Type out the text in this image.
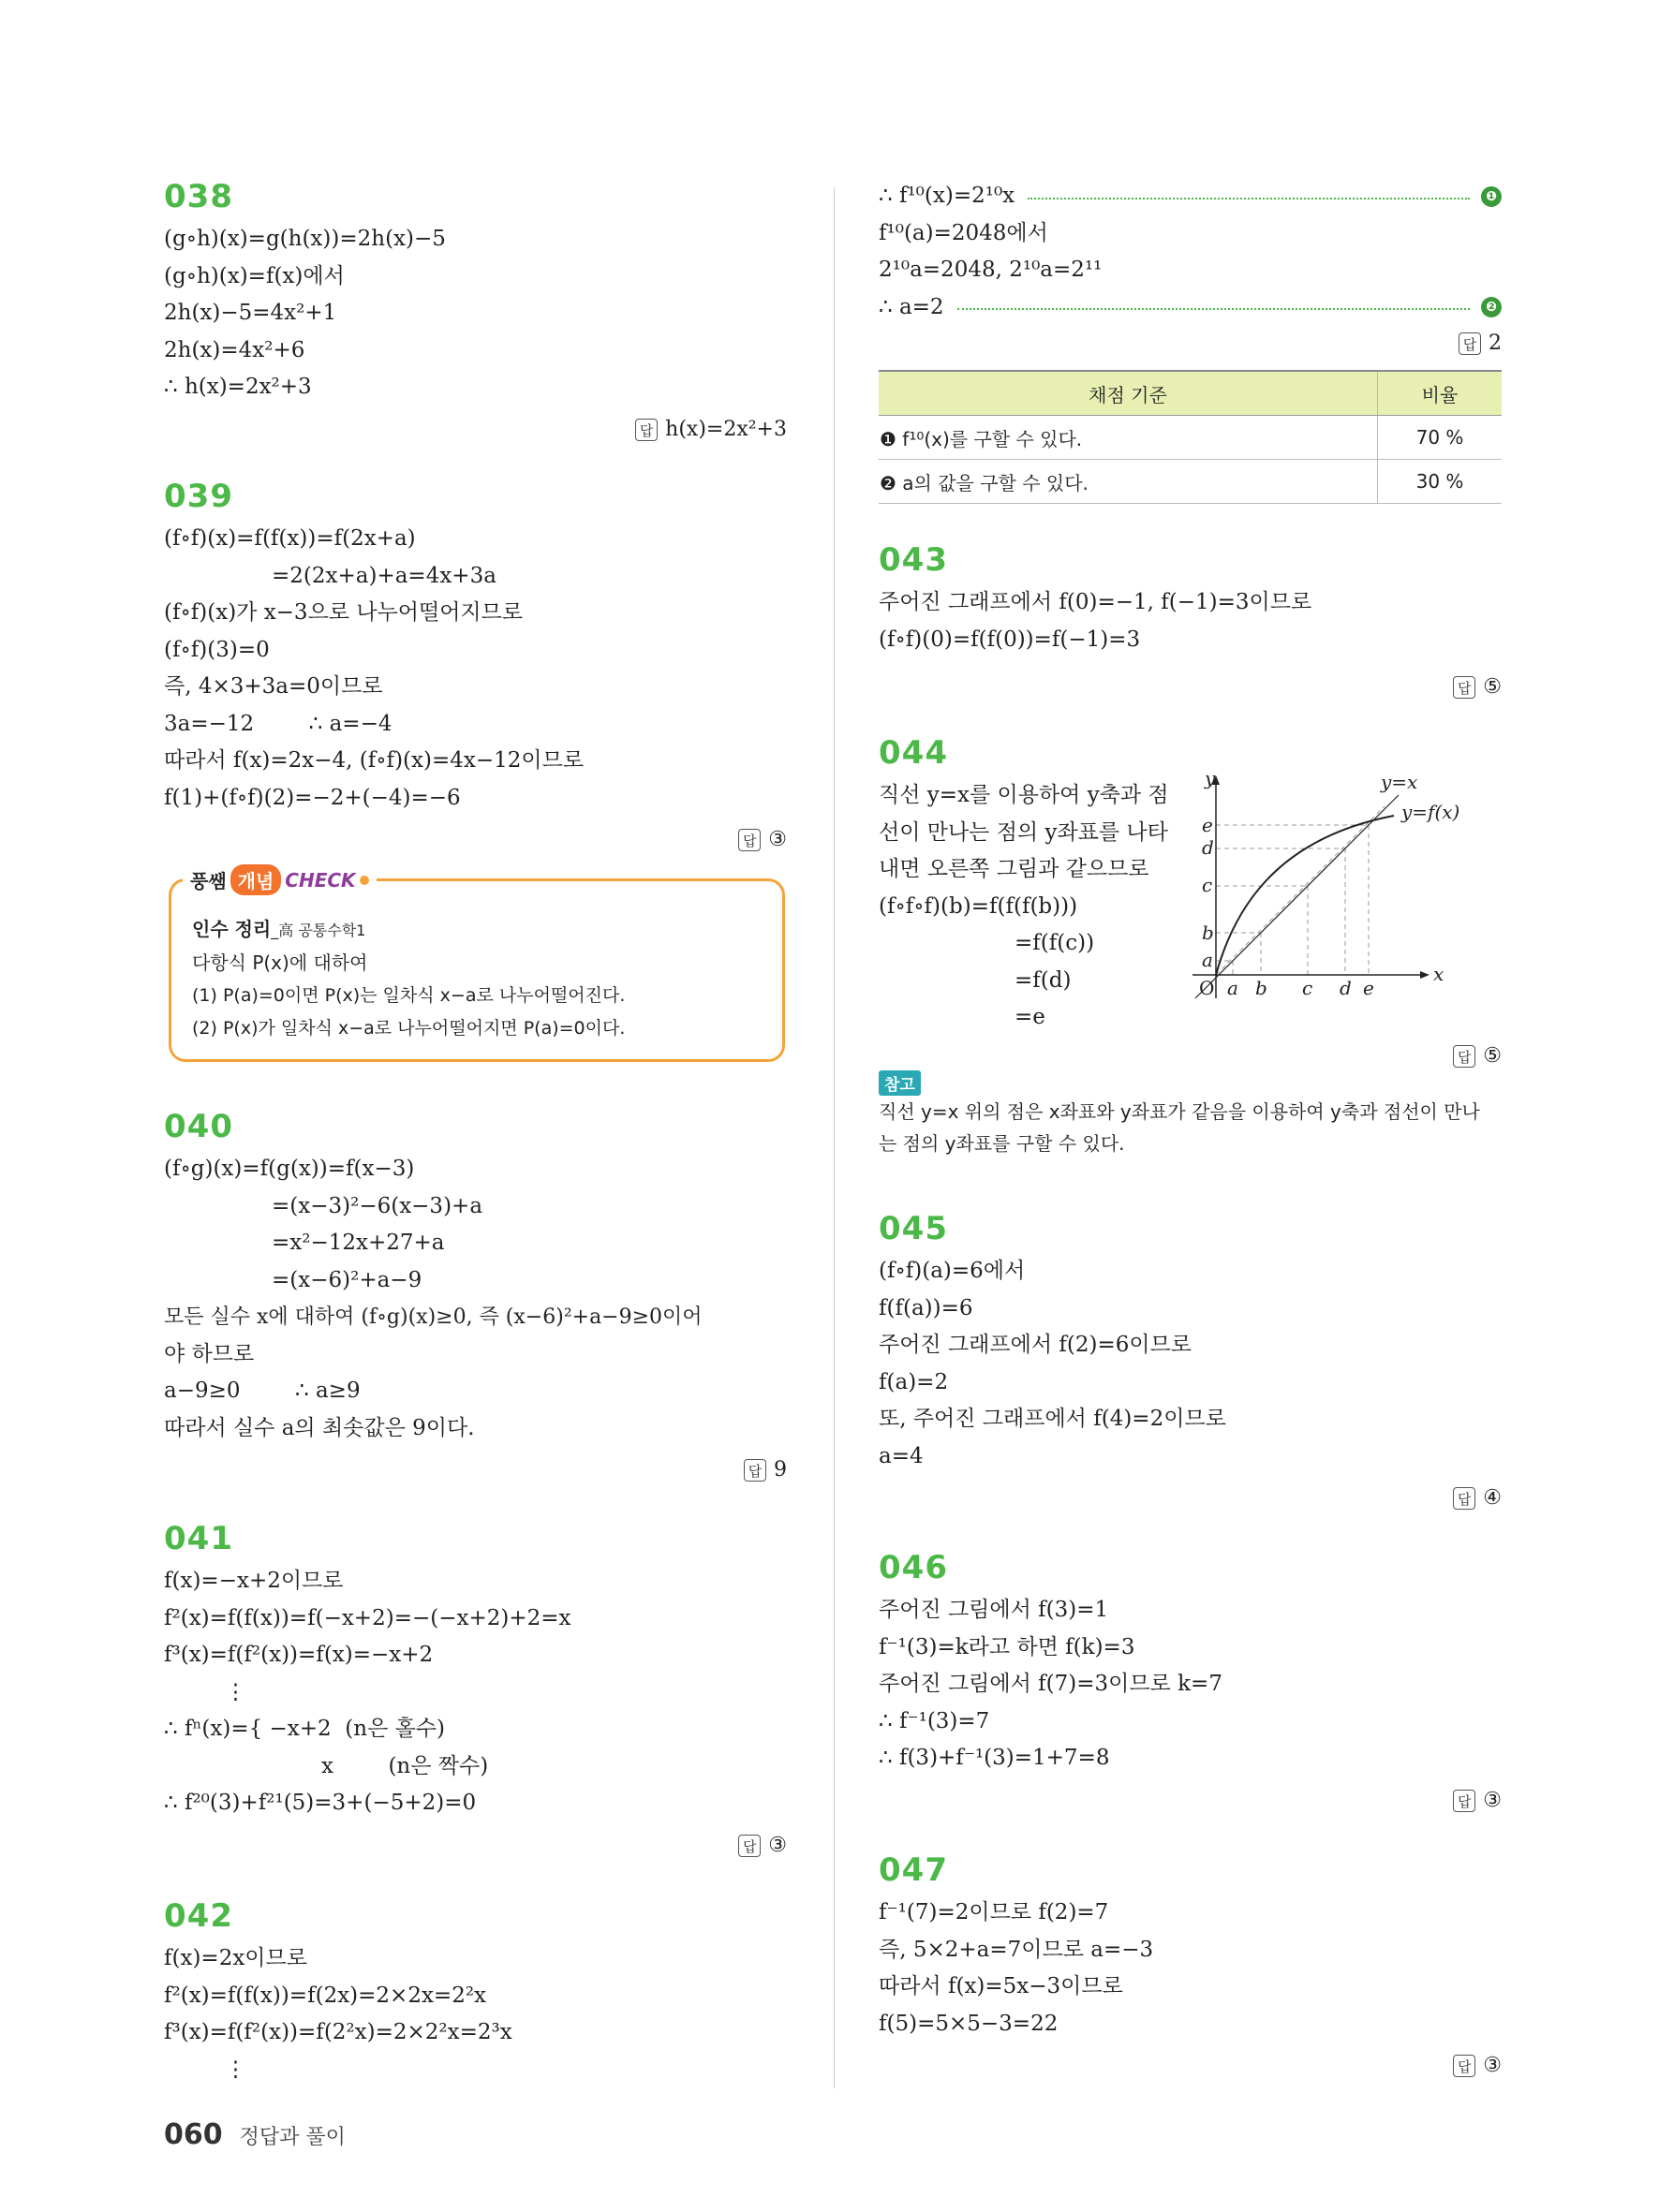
038
(g∘h)(x)=g(h(x))=2h(x)−5
(g∘h)(x)=f(x)에서
2h(x)−5=4x²+1
2h(x)=4x²+6
∴ h(x)=2x²+3
답 h(x)=2x²+3
039
(f∘f)(x)=f(f(x))=f(2x+a)
=2(2x+a)+a=4x+3a
(f∘f)(x)가 x−3으로 나누어떨어지므로
(f∘f)(3)=0
즉, 4×3+3a=0이므로
3a=−12        ∴ a=−4
따라서 f(x)=2x−4, (f∘f)(x)=4x−12이므로
f(1)+(f∘f)(2)=−2+(−4)=−6
답 ③
풍쌤 개념 CHECK
인수 정리_高 공통수학1
다항식 P(x)에 대하여
(1) P(a)=0이면 P(x)는 일차식 x−a로 나누어떨어진다.
(2) P(x)가 일차식 x−a로 나누어떨어지면 P(a)=0이다.
040
(f∘g)(x)=f(g(x))=f(x−3)
=(x−3)²−6(x−3)+a
=x²−12x+27+a
=(x−6)²+a−9
모든 실수 x에 대하여 (f∘g)(x)≥0, 즉 (x−6)²+a−9≥0이어
야 하므로
a−9≥0        ∴ a≥9
따라서 실수 a의 최솟값은 9이다.
답 9
041
f(x)=−x+2이므로
f²(x)=f(f(x))=f(−x+2)=−(−x+2)+2=x
f³(x)=f(f²(x))=f(x)=−x+2
⋮
∴ fⁿ(x)={ −x+2  (n은 홀수)
x        (n은 짝수)
∴ f²⁰(3)+f²¹(5)=3+(−5+2)=0
답 ③
042
f(x)=2x이므로
f²(x)=f(f(x))=f(2x)=2×2x=2²x
f³(x)=f(f²(x))=f(2²x)=2×2²x=2³x
⋮
∴ f¹⁰(x)=2¹⁰x	❶
f¹⁰(a)=2048에서
2¹⁰a=2048, 2¹⁰a=2¹¹
∴ a=2	❷
답 2
채점 기준	비율
❶ f¹⁰(x)를 구할 수 있다.	70 %
❷ a의 값을 구할 수 있다.	30 %
043
주어진 그래프에서 f(0)=−1, f(−1)=3이므로
(f∘f)(0)=f(f(0))=f(−1)=3
답 ⑤
044
직선 y=x를 이용하여 y축과 점
선이 만나는 점의 y좌표를 나타
내면 오른쪽 그림과 같으므로
(f∘f∘f)(b)=f(f(f(b)))
=f(f(c))
=f(d)
=e
y
x
O
y=x
y=f(x)
a
b
c
d
e
a b c d e
답 ⑤
참고
직선 y=x 위의 점은 x좌표와 y좌표가 같음을 이용하여 y축과 점선이 만나
는 점의 y좌표를 구할 수 있다.
045
(f∘f)(a)=6에서
f(f(a))=6
주어진 그래프에서 f(2)=6이므로
f(a)=2
또, 주어진 그래프에서 f(4)=2이므로
a=4
답 ④
046
주어진 그림에서 f(3)=1
f⁻¹(3)=k라고 하면 f(k)=3
주어진 그림에서 f(7)=3이므로 k=7
∴ f⁻¹(3)=7
∴ f(3)+f⁻¹(3)=1+7=8
답 ③
047
f⁻¹(7)=2이므로 f(2)=7
즉, 5×2+a=7이므로 a=−3
따라서 f(x)=5x−3이므로
f(5)=5×5−3=22
답 ③
060 정답과 풀이
